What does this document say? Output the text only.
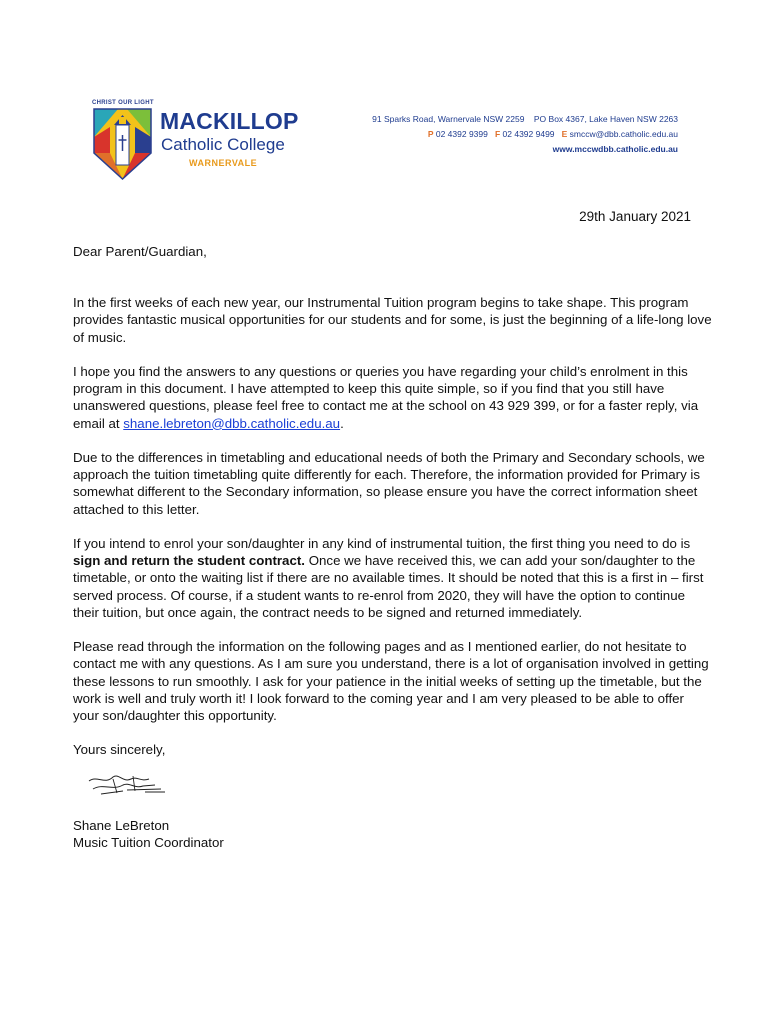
CHRIST OUR LIGHT
MACKILLOP
Catholic College
WARNERVALE
91 Sparks Road, Warnervale NSW 2259    PO Box 4367, Lake Haven NSW 2263
P 02 4392 9399 F 02 4392 9499 E smccw@dbb.catholic.edu.au
www.mccwdbb.catholic.edu.au
29th January 2021

Dear Parent/Guardian,

In the first weeks of each new year, our Instrumental Tuition program begins to take shape. This program provides fantastic musical opportunities for our students and for some, is just the beginning of a life-long love of music.

I hope you find the answers to any questions or queries you have regarding your child’s enrolment in this program in this document. I have attempted to keep this quite simple, so if you find that you still have unanswered questions, please feel free to contact me at the school on 43 929 399, or for a faster reply, via email at shane.lebreton@dbb.catholic.edu.au.

Due to the differences in timetabling and educational needs of both the Primary and Secondary schools, we approach the tuition timetabling quite differently for each. Therefore, the information provided for Primary is somewhat different to the Secondary information, so please ensure you have the correct information sheet attached to this letter.

If you intend to enrol your son/daughter in any kind of instrumental tuition, the first thing you need to do is sign and return the student contract. Once we have received this, we can add your son/daughter to the timetable, or onto the waiting list if there are no available times. It should be noted that this is a first in – first served process. Of course, if a student wants to re-enrol from 2020, they will have the option to continue their tuition, but once again, the contract needs to be signed and returned immediately.

Please read through the information on the following pages and as I mentioned earlier, do not hesitate to contact me with any questions. As I am sure you understand, there is a lot of organisation involved in getting these lessons to run smoothly. I ask for your patience in the initial weeks of setting up the timetable, but the work is well and truly worth it! I look forward to the coming year and I am very pleased to be able to offer your son/daughter this opportunity.

Yours sincerely,

Shane LeBreton

Music Tuition Coordinator
